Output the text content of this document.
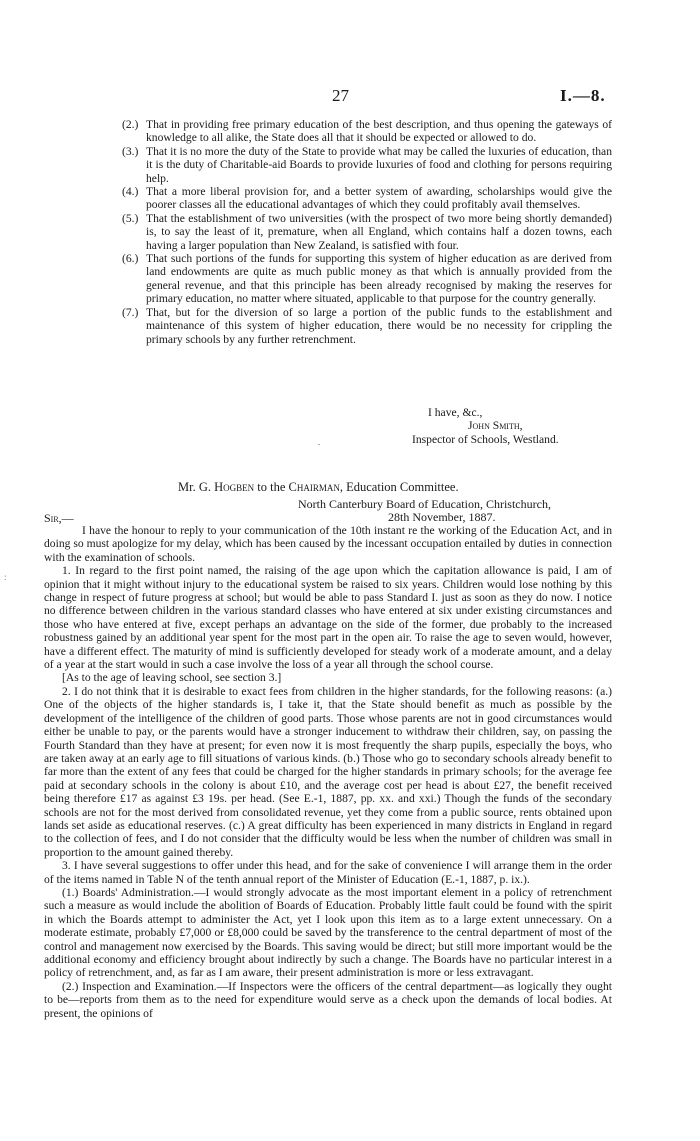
27	I.—8.
(2.) That in providing free primary education of the best description, and thus opening the gateways of knowledge to all alike, the State does all that it should be expected or allowed to do.
(3.) That it is no more the duty of the State to provide what may be called the luxuries of education, than it is the duty of Charitable-aid Boards to provide luxuries of food and clothing for persons requiring help.
(4.) That a more liberal provision for, and a better system of awarding, scholarships would give the poorer classes all the educational advantages of which they could profitably avail themselves.
(5.) That the establishment of two universities (with the prospect of two more being shortly demanded) is, to say the least of it, premature, when all England, which contains half a dozen towns, each having a larger population than New Zealand, is satisfied with four.
(6.) That such portions of the funds for supporting this system of higher education as are derived from land endowments are quite as much public money as that which is annually provided from the general revenue, and that this principle has been already recognised by making the reserves for primary education, no matter where situated, applicable to that purpose for the country generally.
(7.) That, but for the diversion of so large a portion of the public funds to the establishment and maintenance of this system of higher education, there would be no necessity for crippling the primary schools by any further retrenchment.
I have, &c.,
John Smith,
Inspector of Schools, Westland.
.
Mr. G. Hogben to the Chairman, Education Committee.
North Canterbury Board of Education, Christchurch,
Sir,—	28th November, 1887.

I have the honour to reply to your communication of the 10th instant re the working of the Education Act, and in doing so must apologize for my delay, which has been caused by the incessant occupation entailed by duties in connection with the examination of schools.

1. In regard to the first point named, the raising of the age upon which the capitation allowance is paid, I am of opinion that it might without injury to the educational system be raised to six years. Children would lose nothing by this change in respect of future progress at school; but would be able to pass Standard I. just as soon as they do now. I notice no difference between children in the various standard classes who have entered at six under existing circumstances and those who have entered at five, except perhaps an advantage on the side of the former, due probably to the increased robustness gained by an additional year spent for the most part in the open air. To raise the age to seven would, however, have a different effect. The maturity of mind is sufficiently developed for steady work of a moderate amount, and a delay of a year at the start would in such a case involve the loss of a year all through the school course.

[As to the age of leaving school, see section 3.]

2. I do not think that it is desirable to exact fees from children in the higher standards, for the following reasons: (a.) One of the objects of the higher standards is, I take it, that the State should benefit as much as possible by the development of the intelligence of the children of good parts. Those whose parents are not in good circumstances would either be unable to pay, or the parents would have a stronger inducement to withdraw their children, say, on passing the Fourth Standard than they have at present; for even now it is most frequently the sharp pupils, especially the boys, who are taken away at an early age to fill situations of various kinds. (b.) Those who go to secondary schools already benefit to far more than the extent of any fees that could be charged for the higher standards in primary schools; for the average fee paid at secondary schools in the colony is about £10, and the average cost per head is about £27, the benefit received being therefore £17 as against £3 19s. per head. (See E.-1, 1887, pp. xx. and xxi.) Though the funds of the secondary schools are not for the most derived from consolidated revenue, yet they come from a public source, rents obtained upon lands set aside as educational reserves. (c.) A great difficulty has been experienced in many districts in England in regard to the collection of fees, and I do not consider that the difficulty would be less when the number of children was small in proportion to the amount gained thereby.

3. I have several suggestions to offer under this head, and for the sake of convenience I will arrange them in the order of the items named in Table N of the tenth annual report of the Minister of Education (E.-1, 1887, p. ix.).

(1.) Boards' Administration.—I would strongly advocate as the most important element in a policy of retrenchment such a measure as would include the abolition of Boards of Education. Probably little fault could be found with the spirit in which the Boards attempt to administer the Act, yet I look upon this item as to a large extent unnecessary. On a moderate estimate, probably £7,000 or £8,000 could be saved by the transference to the central department of most of the control and management now exercised by the Boards. This saving would be direct; but still more important would be the additional economy and efficiency brought about indirectly by such a change. The Boards have no particular interest in a policy of retrenchment, and, as far as I am aware, their present administration is more or less extravagant.

(2.) Inspection and Examination.—If Inspectors were the officers of the central department—as logically they ought to be—reports from them as to the need for expenditure would serve as a check upon the demands of local bodies. At present, the opinions of

:
